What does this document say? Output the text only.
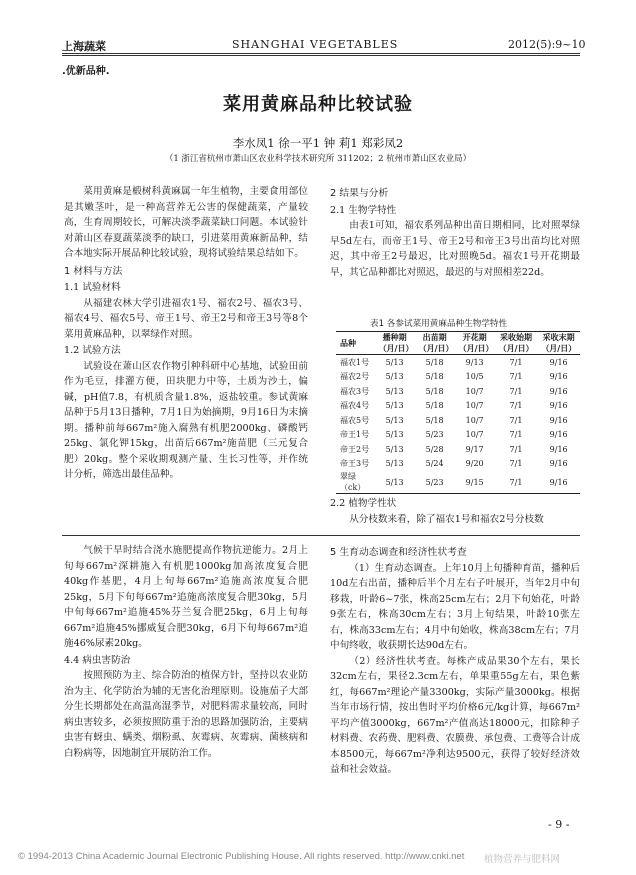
上海蔬菜	SHANGHAI VEGETABLES	2012(5):9~10
.优新品种.
菜用黄麻品种比较试验
李水凤1 徐一平1 钟 莉1 郑彩凤2
（1 浙江省杭州市萧山区农业科学技术研究所 311202；2 杭州市萧山区农业局）

菜用黄麻是椴树科黄麻属一年生植物，主要食用部位是其嫩茎叶，是一种高营养无公害的保健蔬菜，产量较高，生育周期较长，可解决淡季蔬菜缺口问题。本试验针对萧山区春夏蔬菜淡季的缺口，引进菜用黄麻新品种，结合本地实际开展品种比较试验，现将试验结果总结如下。

1 材料与方法
1.1 试验材料

从福建农林大学引进福农1号、福农2号、福农3号、福农4号、福农5号、帝王1号、帝王2号和帝王3号等8个菜用黄麻品种，以翠绿作对照。

1.2 试验方法

试验设在萧山区农作物引种科研中心基地，试验田前作为毛豆，排灌方便，田块肥力中等，土质为沙土，偏碱，pH值7.8，有机质含量1.8%，返盐较重。参试黄麻品种于5月13日播种，7月1日为始摘期，9月16日为末摘期。播种前每667m²施入腐熟有机肥2000kg、磷酸钙25kg、氯化钾15kg，出苗后667m²施苗肥（三元复合肥）20kg。整个采收期观测产量、生长习性等，并作统计分析，筛选出最佳品种。

2 结果与分析
2.1 生物学特性

由表1可知，福农系列品种出苗日期相同，比对照翠绿早5d左右，而帝王1号、帝王2号和帝王3号出苗均比对照迟，其中帝王2号最迟，比对照晚5d。福农1号开花期最早，其它品种都比对照迟，最迟的与对照相差22d。

表1 各参试菜用黄麻品种生物学特性
品种	播种期（月/日）	出苗期（月/日）	开花期（月/日）	采收始期（月/日）	采收末期（月/日）
福农1号	5/13	5/18	9/13	7/1	9/16
福农2号	5/13	5/18	10/5	7/1	9/16
福农3号	5/13	5/18	10/7	7/1	9/16
福农4号	5/13	5/18	10/7	7/1	9/16
福农5号	5/13	5/18	10/7	7/1	9/16
帝王1号	5/13	5/23	10/7	7/1	9/16
帝王2号	5/13	5/28	9/17	7/1	9/16
帝王3号	5/13	5/24	9/20	7/1	9/16
翠绿（ck）	5/13	5/23	9/15	7/1	9/16
2.2 植物学性状

从分枝数来看，除了福农1号和福农2号分枝数

气候干旱时结合浇水施肥提高作物抗逆能力。2月上旬每667m²深耕施入有机肥1000kg加高浓度复合肥40kg作基肥，4月上旬每667m²追施高浓度复合肥25kg，5月下旬每667m²追施高浓度复合肥30kg，5月中旬每667m²追施45%芬兰复合肥25kg，6月上旬每667m²追施45%挪威复合肥30kg，6月下旬每667m²追施46%尿素20kg。

4.4 病虫害防治

按照预防为主、综合防治的植保方针，坚持以农业防治为主、化学防治为辅的无害化治理原则。设施茄子大部分生长期都处在高温高湿季节，对肥料需求量较高，同时病虫害较多，必须按照防重于治的思路加强防治，主要病虫害有蚜虫、螨类、烟粉虱、灰霉病、灰霉病、菌核病和白粉病等，因地制宜开展防治工作。

5 生育动态调查和经济性状考查

（1）生育动态调查。上年10月上旬播种育苗，播种后10d左右出苗，播种后半个月左右子叶展开，当年2月中旬移栽，叶龄6~7张，株高25cm左右；2月下旬始花，叶龄9张左右，株高30cm左右；3月上旬结果，叶龄10张左右，株高33cm左右；4月中旬始收，株高38cm左右；7月中旬终收，收获期长达90d左右。

（2）经济性状考查。每株产成品果30个左右，果长32cm左右，果径2.3cm左右，单果重55g左右，果色紫红，每667m²理论产量3300kg，实际产量3000kg。根据当年市场行情，按出售时平均价格6元/kg计算，每667m²平均产值3000kg，667m²产值高达18000元，扣除种子材料费、农药费、肥料费、农膜费、承包费、工费等合计成本8500元，每667m²净利达9500元，获得了较好经济效益和社会效益。

- 9 -
© 1994-2013 China Academic Journal Electronic Publishing House. All rights reserved. http://www.cnki.net 植物营养与肥料网
